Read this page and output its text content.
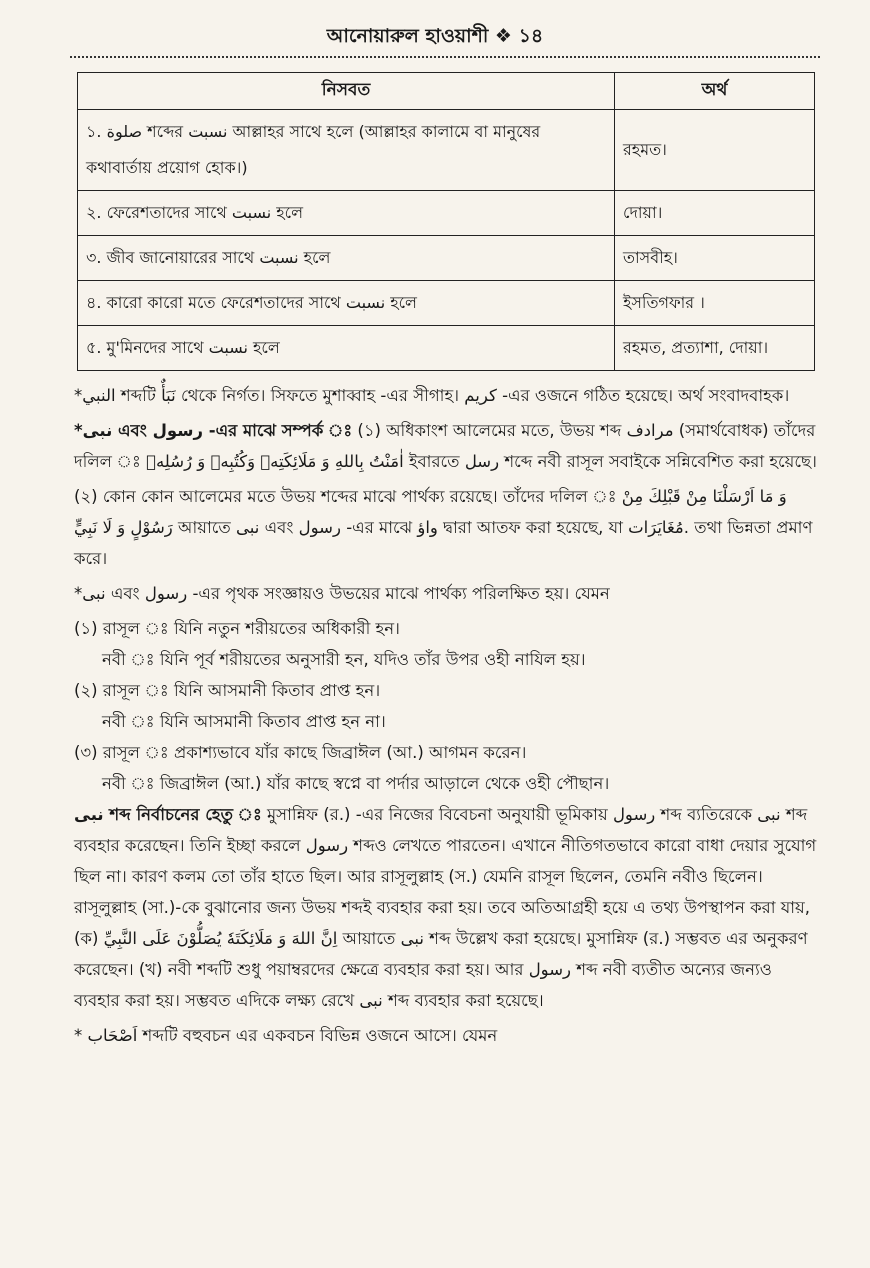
আনোয়ারুল হাওয়াশী ❖ ১৪
নিসবত	অর্থ
১. صلوة শব্দের نسبت আল্লাহর সাথে হলে (আল্লাহর কালামে বা মানুষের কথাবার্তায় প্রয়োগ হোক।)	রহমত।
২. ফেরেশতাদের সাথে نسبت হলে	দোয়া।
৩. জীব জানোয়ারের সাথে نسبت হলে	তাসবীহ।
৪. কারো কারো মতে ফেরেশতাদের সাথে نسبت হলে	ইসতিগফার ।
৫. মু'মিনদের সাথে نسبت হলে	রহমত, প্রত্যাশা, দোয়া।

*النبي শব্দটি نَبَأٌ থেকে নির্গত। সিফতে মুশাব্বাহ -এর সীগাহ। كريم -এর ওজনে গঠিত হয়েছে। অর্থ সংবাদবাহক।

*نبی এবং رسول -এর মাঝে সম্পর্ক ঃ (১) অধিকাংশ আলেমের মতে, উভয় শব্দ مرادف (সমার্থবোধক) তাঁদের দলিল ঃ اٰمَنْتُ بِاللهِ وَ مَلَائِكَتِهٖ وَكُتُبِهٖ وَ رُسُلِهٖ ইবারতে رسل শব্দে নবী রাসূল সবাইকে সন্নিবেশিত করা হয়েছে।

(২) কোন কোন আলেমের মতে উভয় শব্দের মাঝে পার্থক্য রয়েছে। তাঁদের দলিল ঃ وَ مَا اَرْسَلْنَا مِنْ قَبْلِكَ مِنْ رَسُوْلٍ وَ لَا نَبِيٍّ আয়াতে نبی এবং رسول -এর মাঝে واؤ দ্বারা আতফ করা হয়েছে, যা مُغَايَرَات. তথা ভিন্নতা প্রমাণ করে।

*نبی এবং رسول -এর পৃথক সংজ্ঞায়ও উভয়ের মাঝে পার্থক্য পরিলক্ষিত হয়। যেমন

(১) রাসূল ঃ যিনি নতুন শরীয়তের অধিকারী হন।

নবী ঃ যিনি পূর্ব শরীয়তের অনুসারী হন, যদিও তাঁর উপর ওহী নাযিল হয়।

(২) রাসূল ঃ যিনি আসমানী কিতাব প্রাপ্ত হন।

নবী ঃ যিনি আসমানী কিতাব প্রাপ্ত হন না।

(৩) রাসূল ঃ প্রকাশ্যভাবে যাঁর কাছে জিব্রাঈল (আ.) আগমন করেন।

নবী ঃ জিব্রাঈল (আ.) যাঁর কাছে স্বপ্নে বা পর্দার আড়ালে থেকে ওহী পৌছান।

نبی শব্দ নির্বাচনের হেতু ঃ মুসান্নিফ (র.) -এর নিজের বিবেচনা অনুযায়ী ভূমিকায় رسول শব্দ ব্যতিরেকে نبی শব্দ ব্যবহার করেছেন। তিনি ইচ্ছা করলে رسول শব্দও লেখতে পারতেন। এখানে নীতিগতভাবে কারো বাধা দেয়ার সুযোগ ছিল না। কারণ কলম তো তাঁর হাতে ছিল। আর রাসূলুল্লাহ (স.) যেমনি রাসূল ছিলেন, তেমনি নবীও ছিলেন। রাসূলুল্লাহ (সা.)-কে বুঝানোর জন্য উভয় শব্দই ব্যবহার করা হয়। তবে অতিআগ্রহী হয়ে এ তথ্য উপস্থাপন করা যায়, (ক) اِنَّ اللهَ وَ مَلَائِكَتَهٗ يُصَلُّوْنَ عَلَى النَّبِيِّ আয়াতে نبی শব্দ উল্লেখ করা হয়েছে। মুসান্নিফ (র.) সম্ভবত এর অনুকরণ করেছেন। (খ) নবী শব্দটি শুধু পয়াম্বরদের ক্ষেত্রে ব্যবহার করা হয়। আর رسول শব্দ নবী ব্যতীত অন্যের জন্যও ব্যবহার করা হয়। সম্ভবত এদিকে লক্ষ্য রেখে نبی শব্দ ব্যবহার করা হয়েছে।

* اَصْحَاب শব্দটি বহুবচন এর একবচন বিভিন্ন ওজনে আসে। যেমন
